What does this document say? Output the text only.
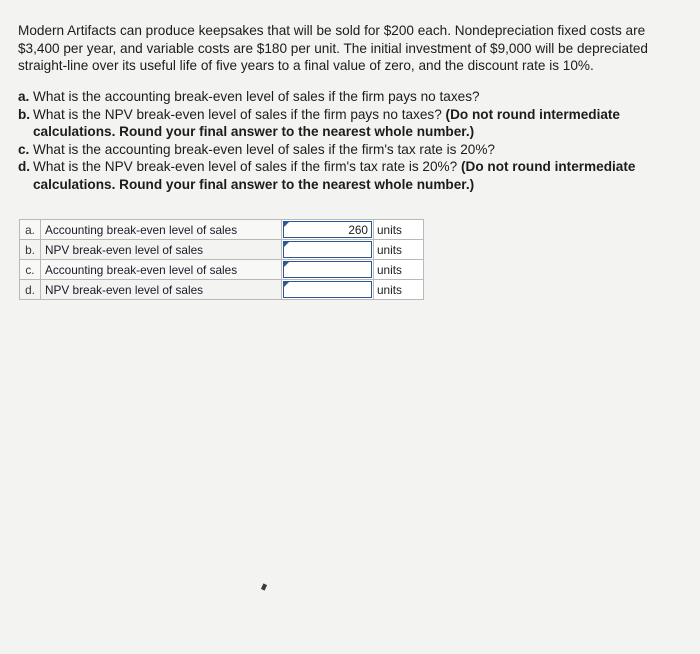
Modern Artifacts can produce keepsakes that will be sold for $200 each. Nondepreciation fixed costs are $3,400 per year, and variable costs are $180 per unit. The initial investment of $9,000 will be depreciated straight-line over its useful life of five years to a final value of zero, and the discount rate is 10%.

a. What is the accounting break-even level of sales if the firm pays no taxes?
b. What is the NPV break-even level of sales if the firm pays no taxes? (Do not round intermediate calculations. Round your final answer to the nearest whole number.)
c. What is the accounting break-even level of sales if the firm's tax rate is 20%?
d. What is the NPV break-even level of sales if the firm's tax rate is 20%? (Do not round intermediate calculations. Round your final answer to the nearest whole number.)
a.	Accounting break-even level of sales	260	units
b.	NPV break-even level of sales		units
c.	Accounting break-even level of sales		units
d.	NPV break-even level of sales		units
